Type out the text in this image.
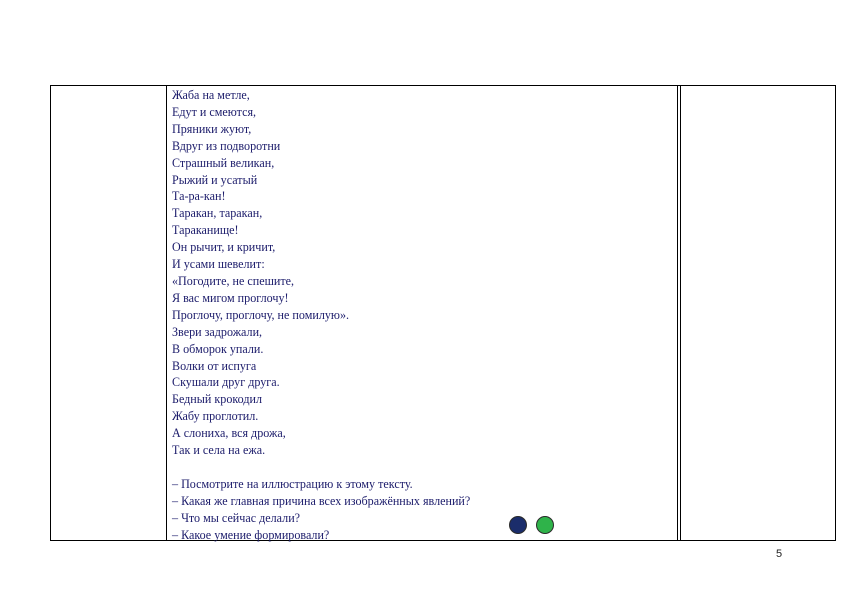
Жаба на метле,
Едут и смеются,
Пряники жуют,
Вдруг из подворотни
Страшный великан,
Рыжий и усатый
Та-ра-кан!
Таракан, таракан,
Тараканище!
Он рычит, и кричит,
И усами шевелит:
«Погодите, не спешите,
Я вас мигом проглочу!
Проглочу, проглочу, не помилую».
Звери задрожали,
В обморок упали.
Волки от испуга
Скушали друг друга.
Бедный крокодил
Жабу проглотил.
А слониха, вся дрожа,
Так и села на ежа.
– Посмотрите на иллюстрацию к этому тексту.
– Какая же главная причина всех изображённых явлений?
– Что мы сейчас делали?
– Какое умение формировали?
5
